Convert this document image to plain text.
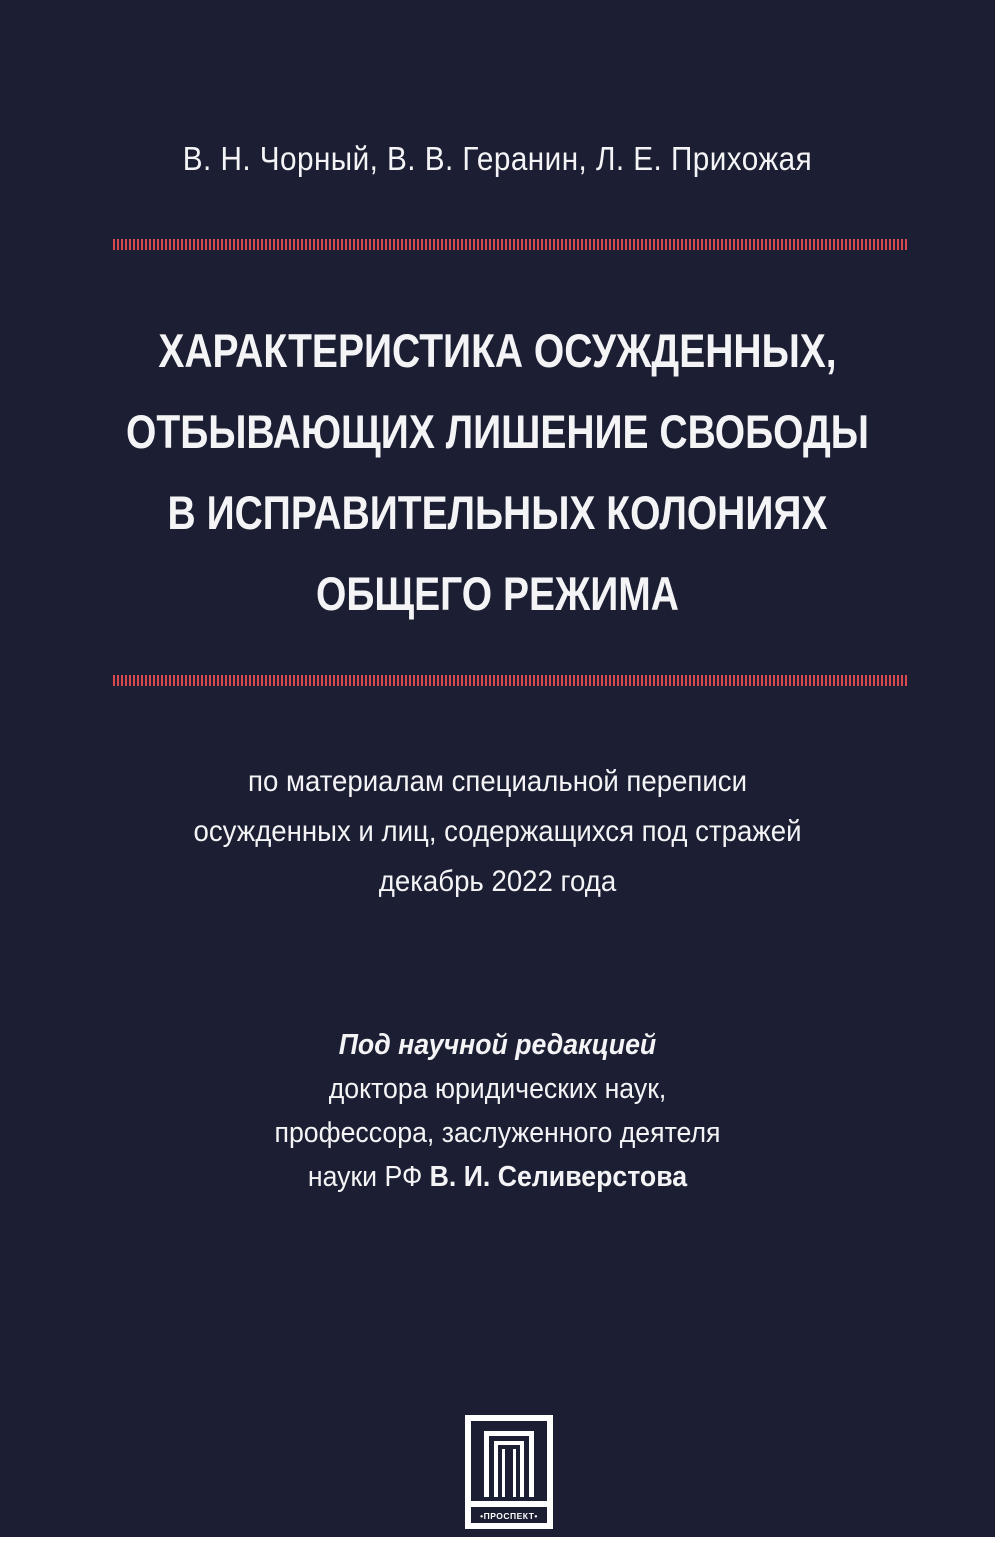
В. Н. Чорный, В. В. Геранин, Л. Е. Прихожая
ХАРАКТЕРИСТИКА ОСУЖДЕННЫХ,
ОТБЫВАЮЩИХ ЛИШЕНИЕ СВОБОДЫ
В ИСПРАВИТЕЛЬНЫХ КОЛОНИЯХ
ОБЩЕГО РЕЖИМА
по материалам специальной переписи
осужденных и лиц, содержащихся под стражей
декабрь 2022 года
Под научной редакцией
доктора юридических наук,
профессора, заслуженного деятеля
науки РФ В. И. Селиверстова
•ПРОСПЕКТ•
